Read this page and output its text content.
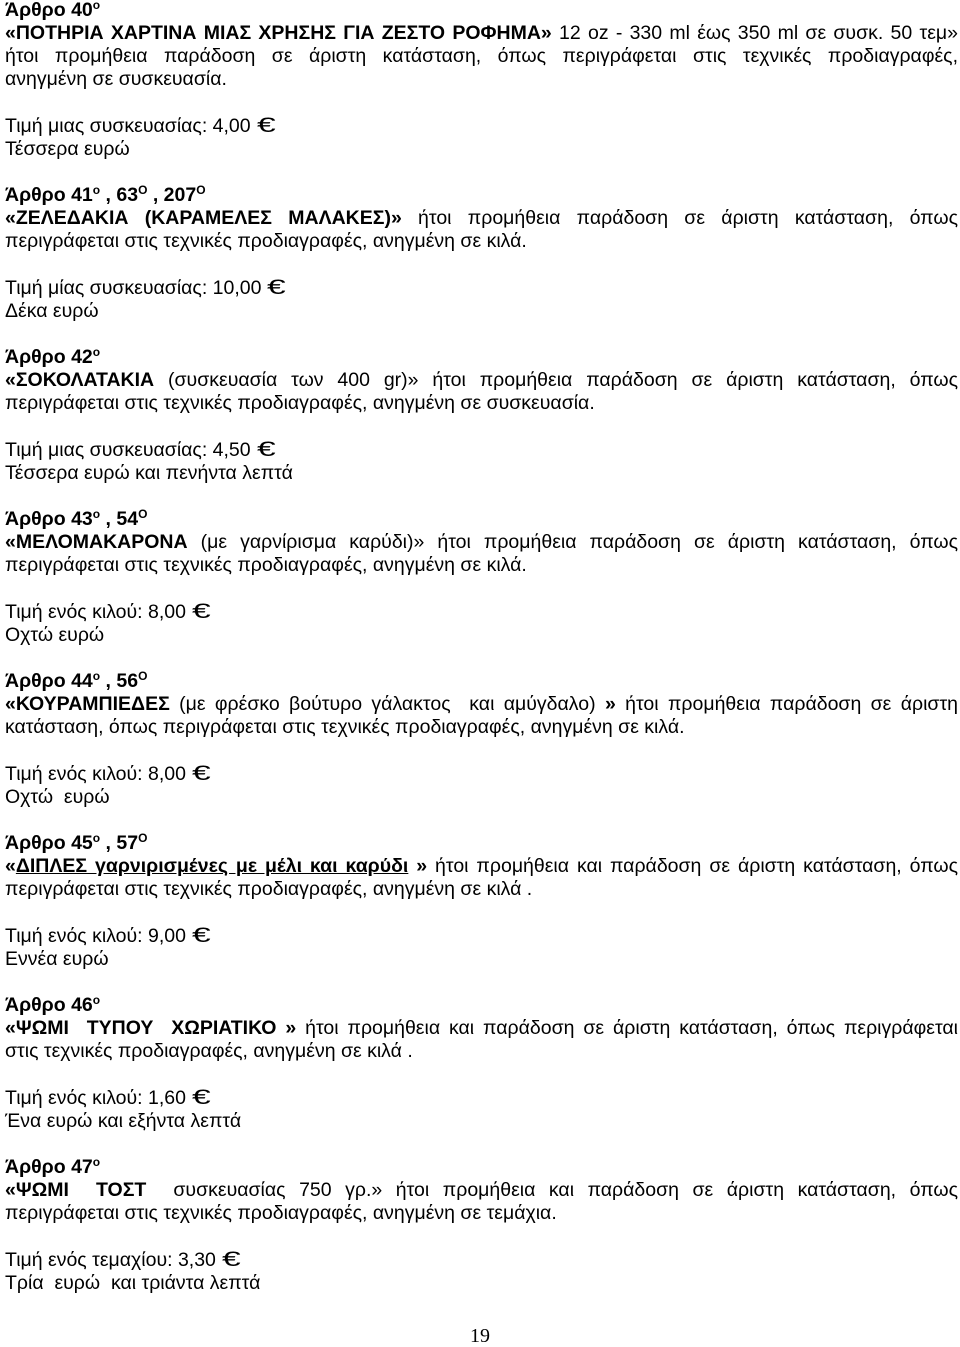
Άρθρο $40^o$
«ΠΟΤΗΡΙΑ ΧΑΡΤΙΝΑ ΜΙΑΣ ΧΡΗΣΗΣ ΓΙΑ ΖΕΣΤΟ ΡΟΦΗΜΑ» 12 oz - 330 ml έως 350 ml σε συσκ. 50 τεμ»
ήτοι προμήθεια παράδοση σε άριστη κατάσταση, όπως περιγράφεται στις τεχνικές προδιαγραφές,
ανηγμένη σε συσκευασία.
Τιμή μιας συσκευασίας: 4,00 €
Τέσσερα ευρώ
Άρθρο $41^o$ , $63^O$ , $207^O$
«ΖΕΛΕΔΑΚΙΑ (ΚΑΡΑΜΕΛΕΣ ΜΑΛΑΚΕΣ)» ήτοι προμήθεια παράδοση σε άριστη κατάσταση, όπως
περιγράφεται στις τεχνικές προδιαγραφές, ανηγμένη σε κιλά.
Τιμή μίας συσκευασίας: 10,00 €
Δέκα ευρώ
Άρθρο $42^o$
«ΣΟΚΟΛΑΤΑΚΙΑ (συσκευασία των 400 gr)» ήτοι προμήθεια παράδοση σε άριστη κατάσταση, όπως
περιγράφεται στις τεχνικές προδιαγραφές, ανηγμένη σε συσκευασία.
Τιμή μιας συσκευασίας: 4,50 €
Τέσσερα ευρώ και πενήντα λεπτά
Άρθρο $43^o$ , $54^O$
«ΜΕΛΟΜΑΚΑΡΟΝΑ (με γαρνίρισμα καρύδι)» ήτοι προμήθεια παράδοση σε άριστη κατάσταση, όπως
περιγράφεται στις τεχνικές προδιαγραφές, ανηγμένη σε κιλά.
Τιμή ενός κιλού: 8,00 €
Οχτώ ευρώ
Άρθρο $44^o$ , $56^O$
«ΚΟΥΡΑΜΠΙΕΔΕΣ (με φρέσκο βούτυρο γάλακτος  και αμύγδαλο) » ήτοι προμήθεια παράδοση σε άριστη
κατάσταση, όπως περιγράφεται στις τεχνικές προδιαγραφές, ανηγμένη σε κιλά.
Τιμή ενός κιλού: 8,00 €
Οχτώ  ευρώ
Άρθρο $45^o$ , $57^O$
«ΔΙΠΛΕΣ γαρνιρισμένες με μέλι και καρύδι » ήτοι προμήθεια και παράδοση σε άριστη κατάσταση, όπως
περιγράφεται στις τεχνικές προδιαγραφές, ανηγμένη σε κιλά .
Τιμή ενός κιλού: 9,00 €
Εννέα ευρώ
Άρθρο $46^o$
«ΨΩΜΙ  ΤΥΠΟΥ  ΧΩΡΙΑΤΙΚΟ » ήτοι προμήθεια και παράδοση σε άριστη κατάσταση, όπως περιγράφεται
στις τεχνικές προδιαγραφές, ανηγμένη σε κιλά .
Τιμή ενός κιλού: 1,60 €
Ένα ευρώ και εξήντα λεπτά
Άρθρο $47^o$
«ΨΩΜΙ  ΤΟΣΤ  συσκευασίας 750 γρ.» ήτοι προμήθεια και παράδοση σε άριστη κατάσταση, όπως
περιγράφεται στις τεχνικές προδιαγραφές, ανηγμένη σε τεμάχια.
Τιμή ενός τεμαχίου: 3,30 €
Τρία  ευρώ  και τριάντα λεπτά
19
